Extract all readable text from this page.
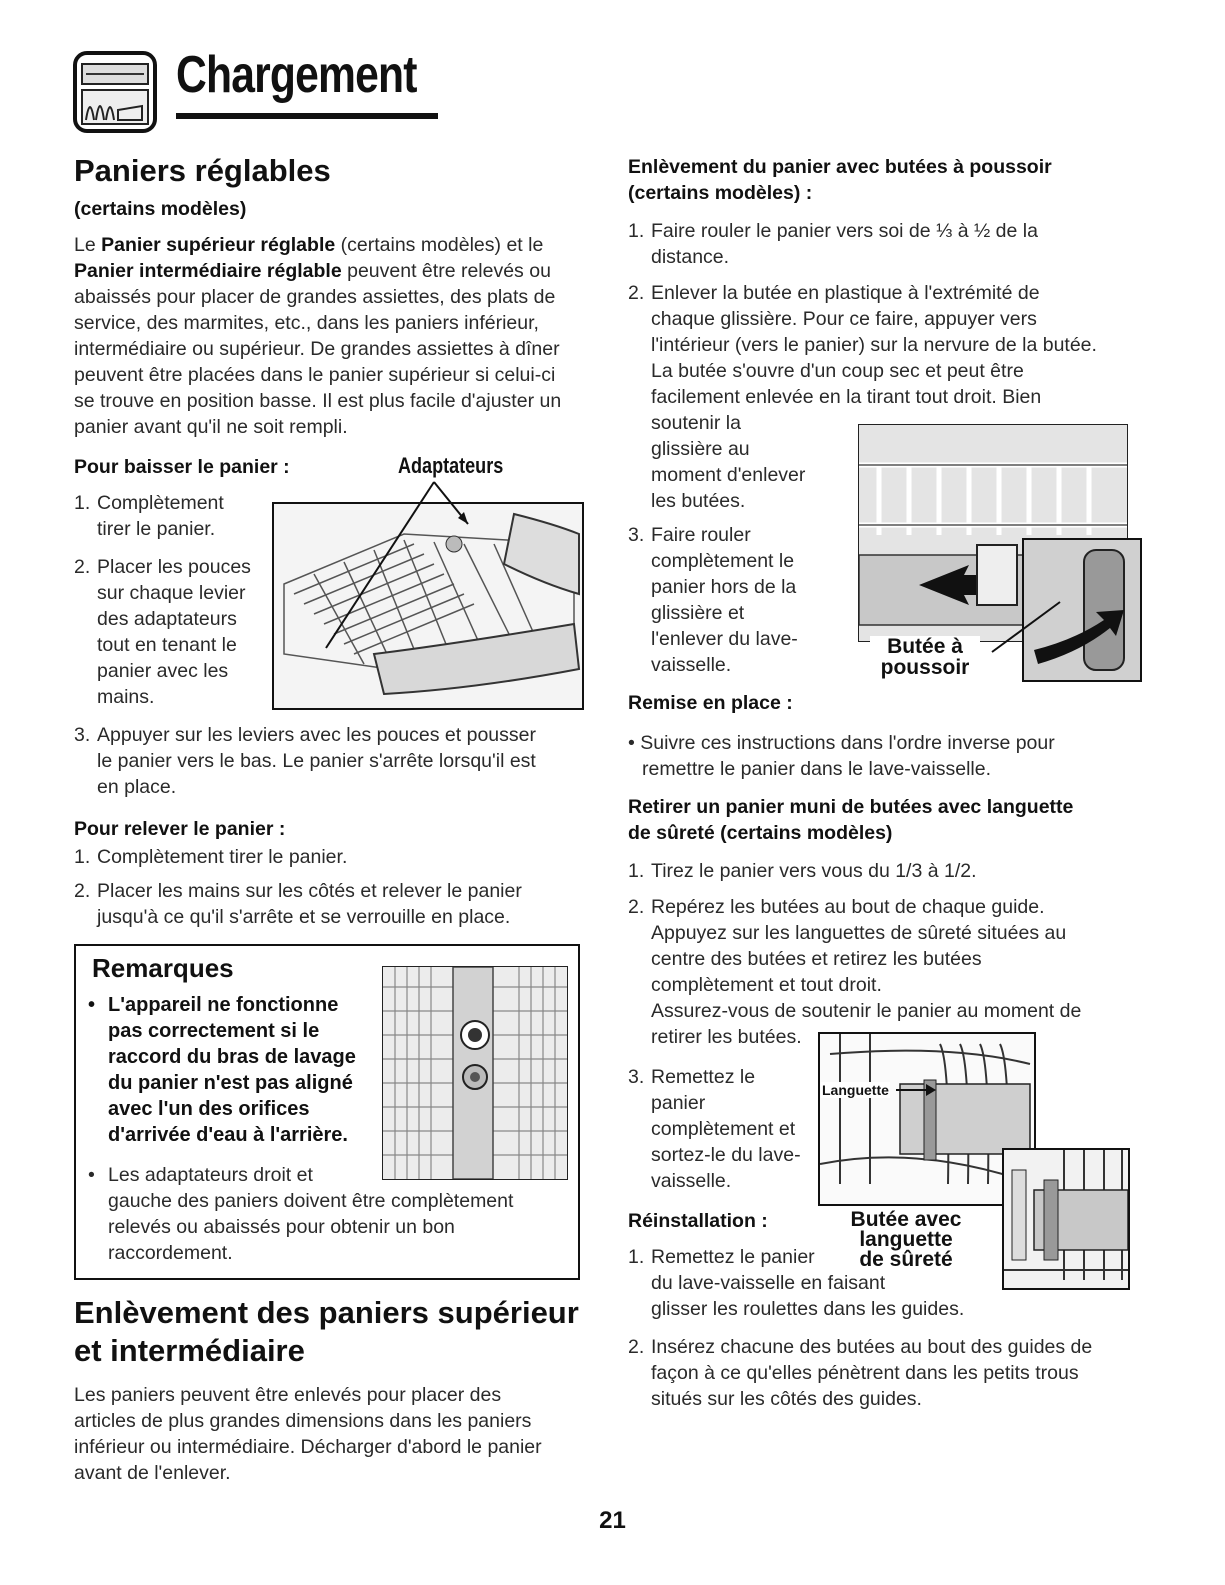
Chargement
Paniers réglables
(certains modèles)
Le Panier supérieur réglable (certains modèles) et le
Panier intermédiaire réglable peuvent être relevés ou
abaissés pour placer de grandes assiettes, des plats de
service, des marmites, etc., dans les paniers inférieur,
intermédiaire ou supérieur. De grandes assiettes à dîner
peuvent être placées dans le panier supérieur si celui-ci
se trouve en position basse. Il est plus facile d'ajuster un
panier avant qu'il ne soit rempli.
Pour baisser le panier :	Adaptateurs
1. Complètement
tirer le panier.
2. Placer les pouces
sur chaque levier
des adaptateurs
tout en tenant le
panier avec les
mains.
3. Appuyer sur les leviers avec les pouces et pousser
le panier vers le bas. Le panier s'arrête lorsqu'il est
en place.
Pour relever le panier :
1. Complètement tirer le panier.
2. Placer les mains sur les côtés et relever le panier
jusqu'à ce qu'il s'arrête et se verrouille en place.
Remarques
• L'appareil ne fonctionne
pas correctement si le
raccord du bras de lavage
du panier n'est pas aligné
avec l'un des orifices
d'arrivée d'eau à l'arrière.
• Les adaptateurs droit et
gauche des paniers doivent être complètement
relevés ou abaissés pour obtenir un bon
raccordement.
Enlèvement des paniers supérieur
et intermédiaire
Les paniers peuvent être enlevés pour placer des
articles de plus grandes dimensions dans les paniers
inférieur ou intermédiaire. Décharger d'abord le panier
avant de l'enlever.
Enlèvement du panier avec butées à poussoir
(certains modèles) :
1. Faire rouler le panier vers soi de ⅓ à ½ de la
distance.
2. Enlever la butée en plastique à l'extrémité de
chaque glissière. Pour ce faire, appuyer vers
l'intérieur (vers le panier) sur la nervure de la butée.
La butée s'ouvre d'un coup sec et peut être
facilement enlevée en la tirant tout droit. Bien
soutenir la
glissière au
moment d'enlever
les butées.
3. Faire rouler
complètement le
panier hors de la
glissière et
l'enlever du lave-
vaisselle.
Butée à
poussoir
Remise en place :
• Suivre ces instructions dans l'ordre inverse pour
remettre le panier dans le lave-vaisselle.
Retirer un panier muni de butées avec languette
de sûreté (certains modèles)
1. Tirez le panier vers vous du 1/3 à 1/2.
2. Repérez les butées au bout de chaque guide.
Appuyez sur les languettes de sûreté situées au
centre des butées et retirez les butées
complètement et tout droit.
Assurez-vous de soutenir le panier au moment de
retirer les butées.
3. Remettez le
panier
complètement et
sortez-le du lave-
vaisselle.
Languette
Butée avec
languette
de sûreté
Réinstallation :
1. Remettez le panier
du lave-vaisselle en faisant
glisser les roulettes dans les guides.
2. Insérez chacune des butées au bout des guides de
façon à ce qu'elles pénètrent dans les petits trous
situés sur les côtés des guides.
21
